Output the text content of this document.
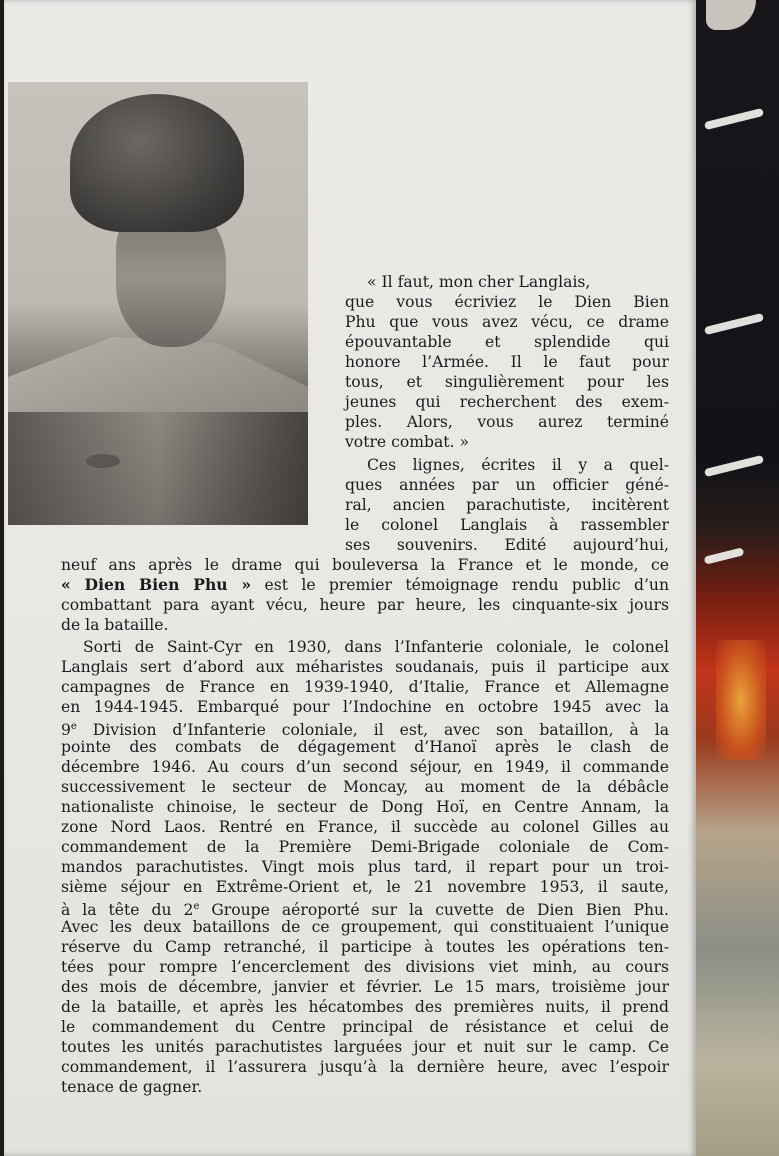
« Il faut, mon cher Langlais,
que vous écriviez le Dien Bien
Phu que vous avez vécu, ce drame
épouvantable et splendide qui
honore l’Armée. Il le faut pour
tous, et singulièrement pour les
jeunes qui recherchent des exem-
ples. Alors, vous aurez terminé
votre combat. »
Ces lignes, écrites il y a quel-
ques années par un officier géné-
ral, ancien parachutiste, incitèrent
le colonel Langlais à rassembler
ses souvenirs. Edité aujourd’hui,
neuf ans après le drame qui bouleversa la France et le monde, ce
« Dien Bien Phu » est le premier témoignage rendu public d’un
combattant para ayant vécu, heure par heure, les cinquante-six jours
de la bataille.
Sorti de Saint-Cyr en 1930, dans l’Infanterie coloniale, le colonel
Langlais sert d’abord aux méharistes soudanais, puis il participe aux
campagnes de France en 1939-1940, d’Italie, France et Allemagne
en 1944-1945. Embarqué pour l’Indochine en octobre 1945 avec la
9e Division d’Infanterie coloniale, il est, avec son bataillon, à la
pointe des combats de dégagement d’Hanoï après le clash de
décembre 1946. Au cours d’un second séjour, en 1949, il commande
successivement le secteur de Moncay, au moment de la débâcle
nationaliste chinoise, le secteur de Dong Hoï, en Centre Annam, la
zone Nord Laos. Rentré en France, il succède au colonel Gilles au
commandement de la Première Demi-Brigade coloniale de Com-
mandos parachutistes. Vingt mois plus tard, il repart pour un troi-
sième séjour en Extrême-Orient et, le 21 novembre 1953, il saute,
à la tête du 2e Groupe aéroporté sur la cuvette de Dien Bien Phu.
Avec les deux bataillons de ce groupement, qui constituaient l’unique
réserve du Camp retranché, il participe à toutes les opérations ten-
tées pour rompre l’encerclement des divisions viet minh, au cours
des mois de décembre, janvier et février. Le 15 mars, troisième jour
de la bataille, et après les hécatombes des premières nuits, il prend
le commandement du Centre principal de résistance et celui de
toutes les unités parachutistes larguées jour et nuit sur le camp. Ce
commandement, il l’assurera jusqu’à la dernière heure, avec l’espoir
tenace de gagner.
